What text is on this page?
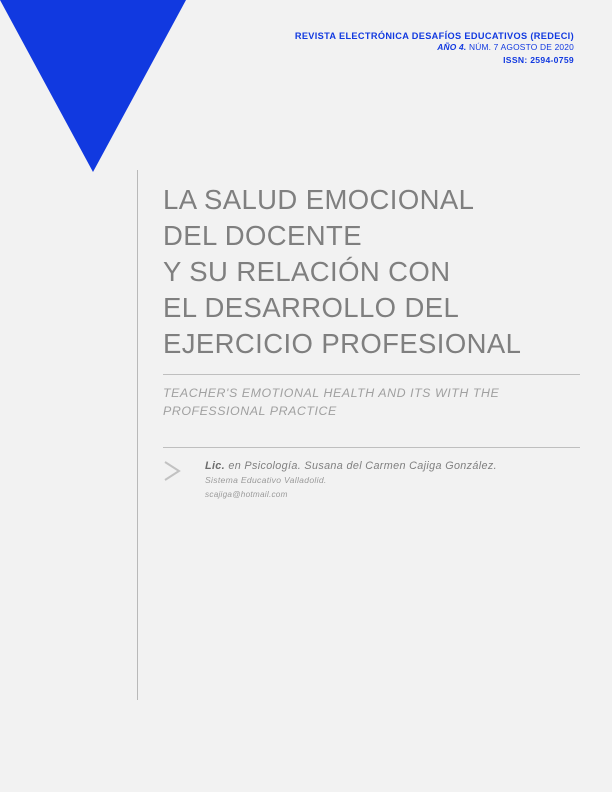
REVISTA ELECTRÓNICA DESAFÍOS EDUCATIVOS (REDECI)
AÑO 4. NÚM. 7 AGOSTO DE 2020
ISSN: 2594-0759
LA SALUD EMOCIONAL
DEL DOCENTE
Y SU RELACIÓN CON
EL DESARROLLO DEL
EJERCICIO PROFESIONAL
TEACHER'S EMOTIONAL HEALTH AND ITS WITH THE
PROFESSIONAL PRACTICE
Lic. en Psicología. Susana del Carmen Cajiga González.
Sistema Educativo Valladolid.
scajiga@hotmail.com
